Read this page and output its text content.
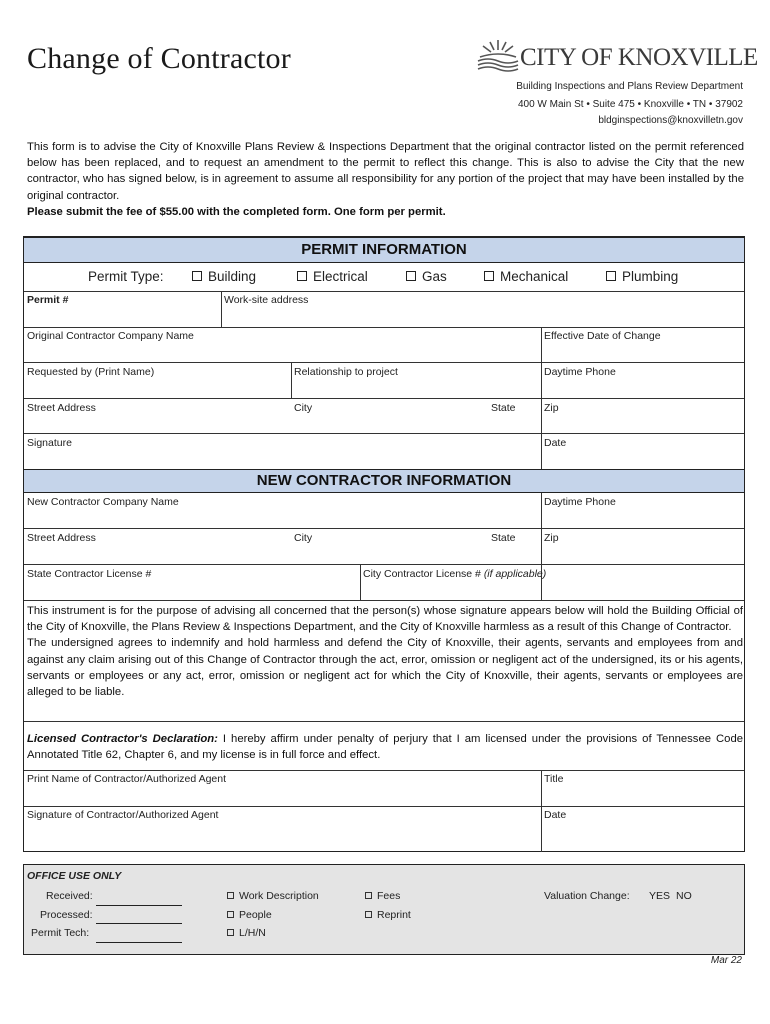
Change of Contractor	CITY OF KNOXVILLE
Building Inspections and Plans Review Department
400 W Main St • Suite 475 • Knoxville • TN • 37902
bldginspections@knoxvilletn.gov

This form is to advise the City of Knoxville Plans Review & Inspections Department that the original contractor listed on the permit referenced below has been replaced, and to request an amendment to the permit to reflect this change. This is also to advise the City that the new contractor, who has signed below, is in agreement to assume all responsibility for any portion of the project that may have been installed by the original contractor.

Please submit the fee of $55.00 with the completed form. One form per permit.

PERMIT INFORMATION
Permit Type:	Building	Electrical	Gas	Mechanical	Plumbing
Permit #	Work-site address
Original Contractor Company Name	Effective Date of Change
Requested by (Print Name)	Relationship to project	Daytime Phone
Street Address	City	State	Zip
Signature	Date
NEW CONTRACTOR INFORMATION
New Contractor Company Name	Daytime Phone
Street Address	City	State	Zip
State Contractor License #	City Contractor License # (if applicable)

This instrument is for the purpose of advising all concerned that the person(s) whose signature appears below will hold the Building Official of the City of Knoxville, the Plans Review & Inspections Department, and the City of Knoxville harmless as a result of this Change of Contractor.

The undersigned agrees to indemnify and hold harmless and defend the City of Knoxville, their agents, servants and employees from and against any claim arising out of this Change of Contractor through the act, error, omission or negligent act of the undersigned, its or his agents, servants or employees or any act, error, omission or negligent act for which the City of Knoxville, their agents, servants or employees are alleged to be liable.

Licensed Contractor's Declaration: I hereby affirm under penalty of perjury that I am licensed under the provisions of Tennessee Code Annotated Title 62, Chapter 6, and my license is in full force and effect.
Print Name of Contractor/Authorized Agent	Title
Signature of Contractor/Authorized Agent	Date
OFFICE USE ONLY
Received:
Processed:
Permit Tech:
Work Description
People
L/H/N
Fees
Reprint
Valuation Change: YES NO
Mar 22
